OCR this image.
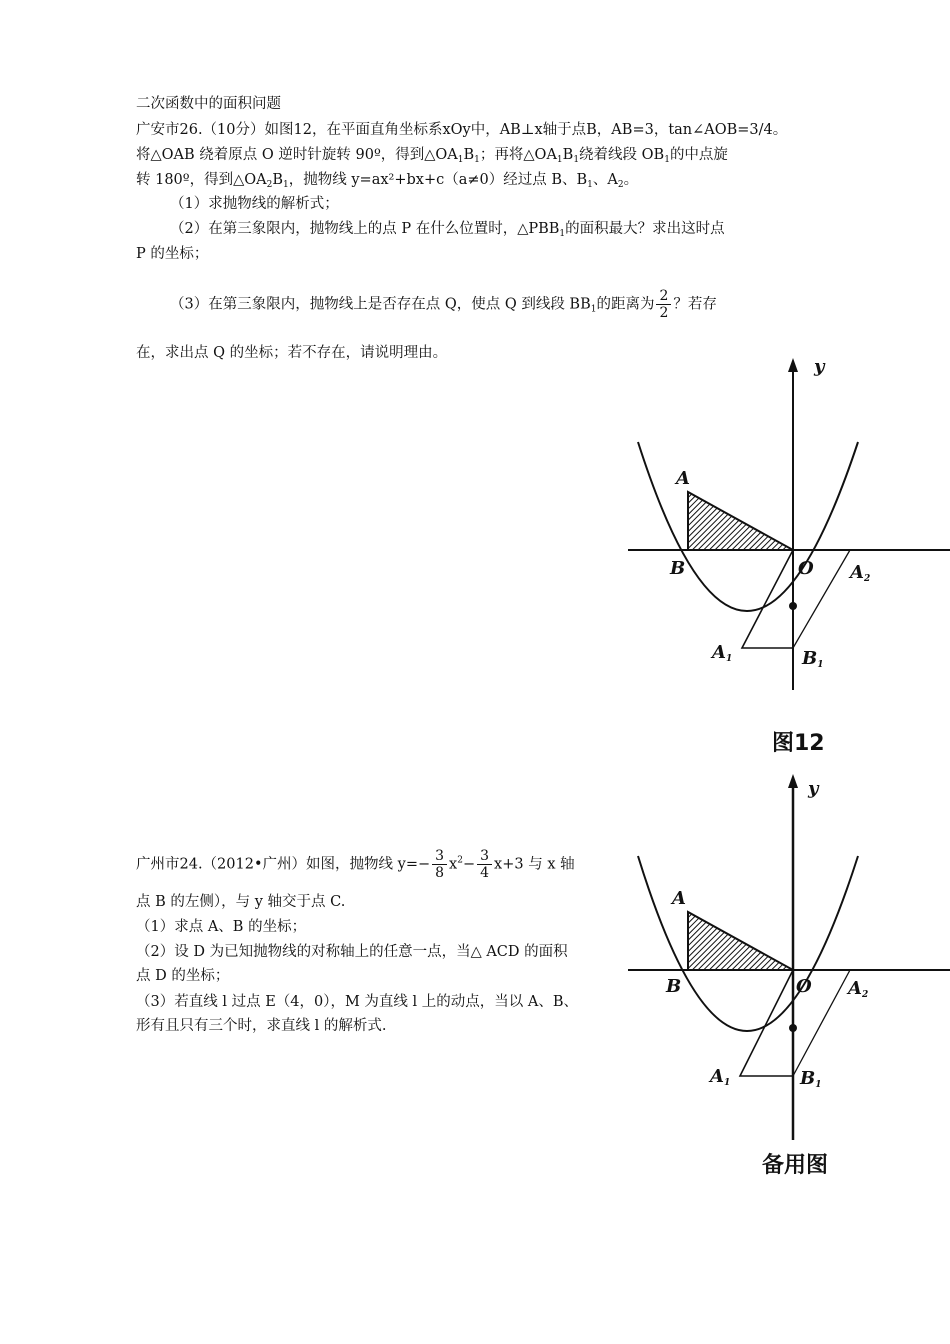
二次函数中的面积问题
广安市26.（10分）如图12，在平面直角坐标系xOy中，AB⊥x轴于点B，AB=3，tan∠AOB=3/4。
将△OAB 绕着原点 O 逆时针旋转 90º，得到$\triangle OA_1B_1$；再将$\triangle OA_1B_1$绕着线段 $OB_1$的中点旋
转 180º，得到$\triangle OA_2B_1$，抛物线 y=ax²+bx+c（a≠0）经过点 B、$B_1$、$A_2$。
（1）求抛物线的解析式；
（2）在第三象限内，抛物线上的点 P 在什么位置时，$\triangle PBB_1$的面积最大？求出这时点
P 的坐标；
（3）在第三象限内，抛物线上是否存在点 Q，使点 Q 到线段 $BB_1$的距离为 $\frac{2}{2}$ ？若存
在，求出点 Q 的坐标；若不存在，请说明理由。
广州市24.（2012•广州）如图，抛物线 $y=- \frac{3}{8} x^2- \frac{3}{4} x+3$ 与 x 轴
点 B 的左侧），与 y 轴交于点 C.
（1）求点 A、B 的坐标；
（2）设 D 为已知抛物线的对称轴上的任意一点，当△ ACD 的面积
点 D 的坐标；
（3）若直线 l 过点 E（4，0），M 为直线 l 上的动点，当以 A、B、
形有且只有三个时，求直线 l 的解析式.
y
A
B	O $A_2$
$A_1$	$B_1$
图12
y
A
B	O $A_2$
$A_1$	$B_1$
备用图
